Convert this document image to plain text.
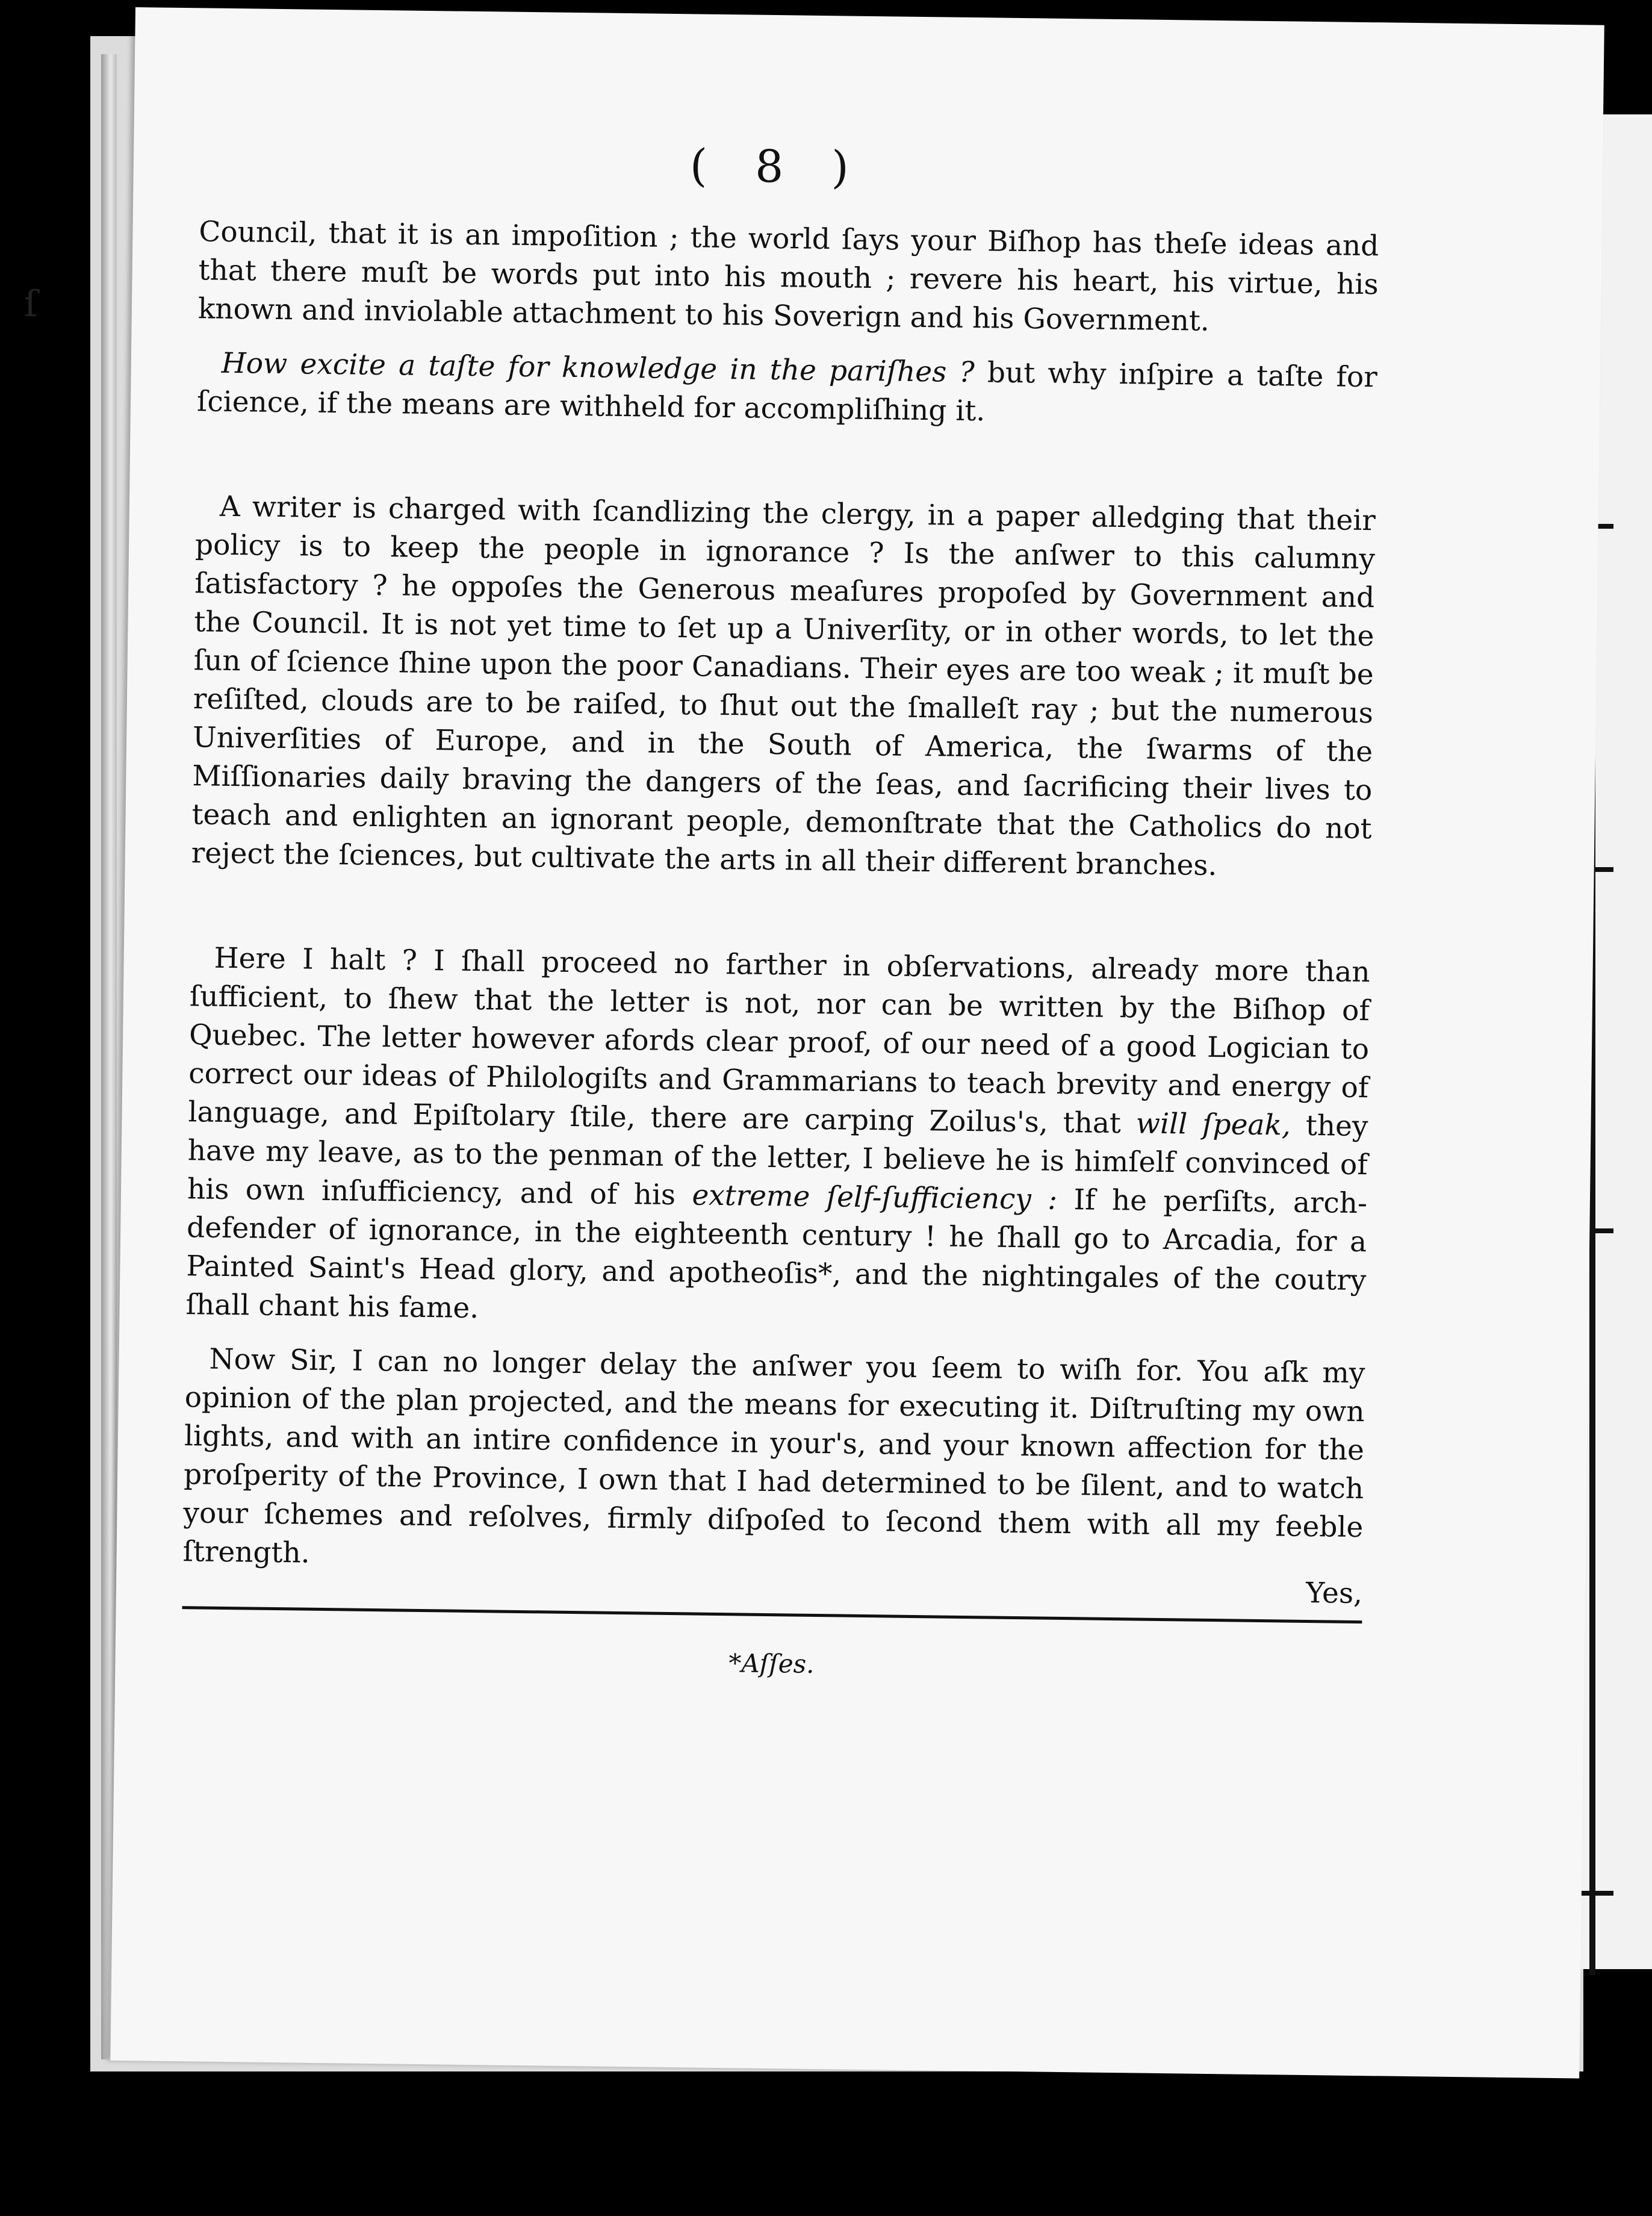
ſ
( 8 )

Council, that it is an impoſition ; the world ſays your Biſhop has theſe ideas and that there muſt be words put into his mouth ; revere his heart, his virtue, his known and inviolable attachment to his Soverign and his Government.

How excite a taſte for knowledge in the pariſhes ? but why inſpire a taſte for ſcience, if the means are withheld for accompliſhing it.

A writer is charged with ſcandlizing the clergy, in a paper alledging that their policy is to keep the people in ignorance ? Is the anſwer to this calumny ſatisfactory ? he oppoſes the Generous meaſures propoſed by Government and the Council. It is not yet time to ſet up a Univerſity, or in other words, to let the ſun of ſcience ſhine upon the poor Canadians. Their eyes are too weak ; it muſt be reſiſted, clouds are to be raiſed, to ſhut out the ſmalleſt ray ; but the numerous Univerſities of Europe, and in the South of America, the ſwarms of the Miſſionaries daily braving the dangers of the ſeas, and ſacrificing their lives to teach and enlighten an ignorant people, demonſtrate that the Catholics do not reject the ſciences, but cultivate the arts in all their different branches.

Here I halt ? I ſhall proceed no farther in obſervations, already more than ſufficient, to ſhew that the letter is not, nor can be written by the Biſhop of Quebec. The letter however afords clear proof, of our need of a good Logician to correct our ideas of Philologiſts and Grammarians to teach brevity and energy of language, and Epiſtolary ſtile, there are carping Zoilus's, that will ſpeak, they have my leave, as to the penman of the letter, I believe he is himſelf convinced of his own inſufficiency, and of his extreme ſelf-ſufficiency : If he perſiſts, arch-defender of ignorance, in the eighteenth century ! he ſhall go to Arcadia, for a Painted Saint's Head glory, and apotheoſis*, and the nightingales of the coutry ſhall chant his fame.

Now Sir, I can no longer delay the anſwer you ſeem to wiſh for. You aſk my opinion of the plan projected, and the means for executing it. Diſtruſting my own lights, and with an intire confidence in your's, and your known affection for the proſperity of the Province, I own that I had determined to be ſilent, and to watch your ſchemes and reſolves, firmly diſpoſed to ſecond them with all my feeble ſtrength.

Yes,
*Aſſes.
